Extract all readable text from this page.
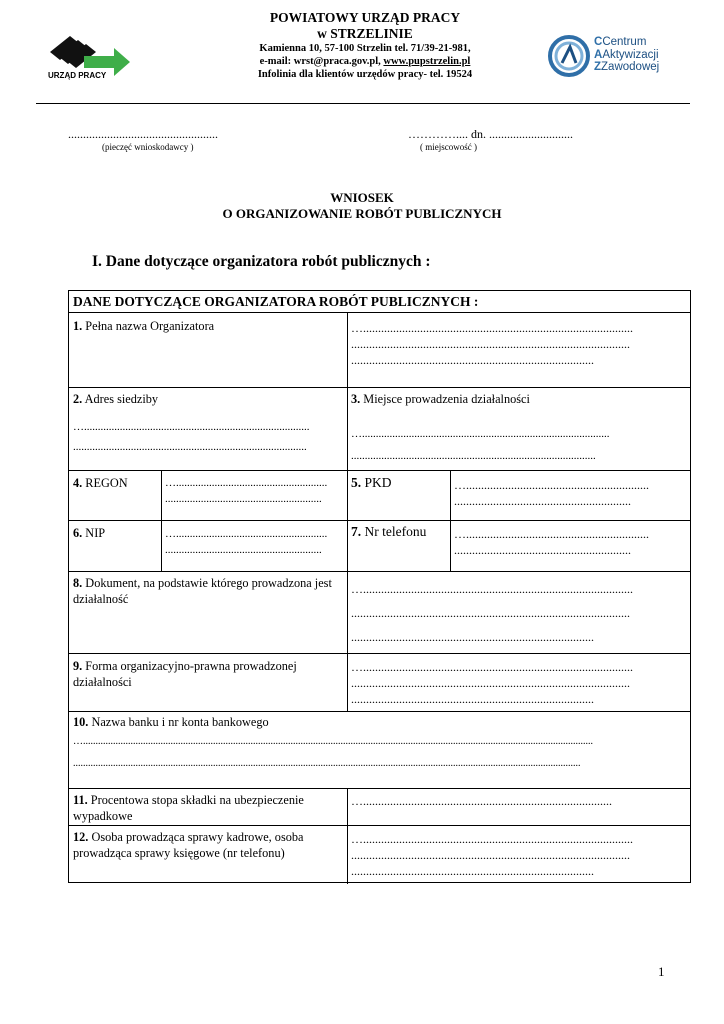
URZĄD PRACY
CCentrum
AAktywizacji
ZZawodowej
POWIATOWY URZĄD PRACY
w STRZELINIE
Kamienna 10, 57-100 Strzelin tel. 71/39-21-981,
e-mail: wrst@praca.gov.pl, www.pupstrzelin.pl
Infolinia dla klientów urzędów pracy- tel. 19524
..................................................
(pieczęć wnioskodawcy )
………….... dn. ............................
( miejscowość )
WNIOSEK
O ORGANIZOWANIE ROBÓT PUBLICZNYCH
I. Dane dotyczące organizatora robót publicznych :
DANE DOTYCZĄCE ORGANIZATORA ROBÓT PUBLICZNYCH :
1. Pełna nazwa Organizatora	…..........................................................................................
.............................................................................................
.................................................................................
2. Adres siedziby
…..................................................................................
.....................................................................................
3. Miejsce prowadzenia działalności
…..........................................................................................
.........................................................................................
4. REGON	….......................................................
.........................................................
5. PKD	….............................................................
...........................................................
6. NIP	….......................................................
.........................................................
7. Nr telefonu	….............................................................
...........................................................
8. Dokument, na podstawie którego prowadzona jest działalność
…..........................................................................................
.............................................................................................
.................................................................................
9. Forma organizacyjno-prawna prowadzonej działalności
…..........................................................................................
.............................................................................................
.................................................................................
10. Nazwa banku i nr konta bankowego
…............................................................................................................................................................................................................
...........................................................................................................................................................................................................
11. Procentowa stopa składki na ubezpieczenie wypadkowe
…...................................................................................
12. Osoba prowadząca sprawy kadrowe, osoba prowadząca sprawy księgowe (nr telefonu)
…..........................................................................................
.............................................................................................
.................................................................................
1
